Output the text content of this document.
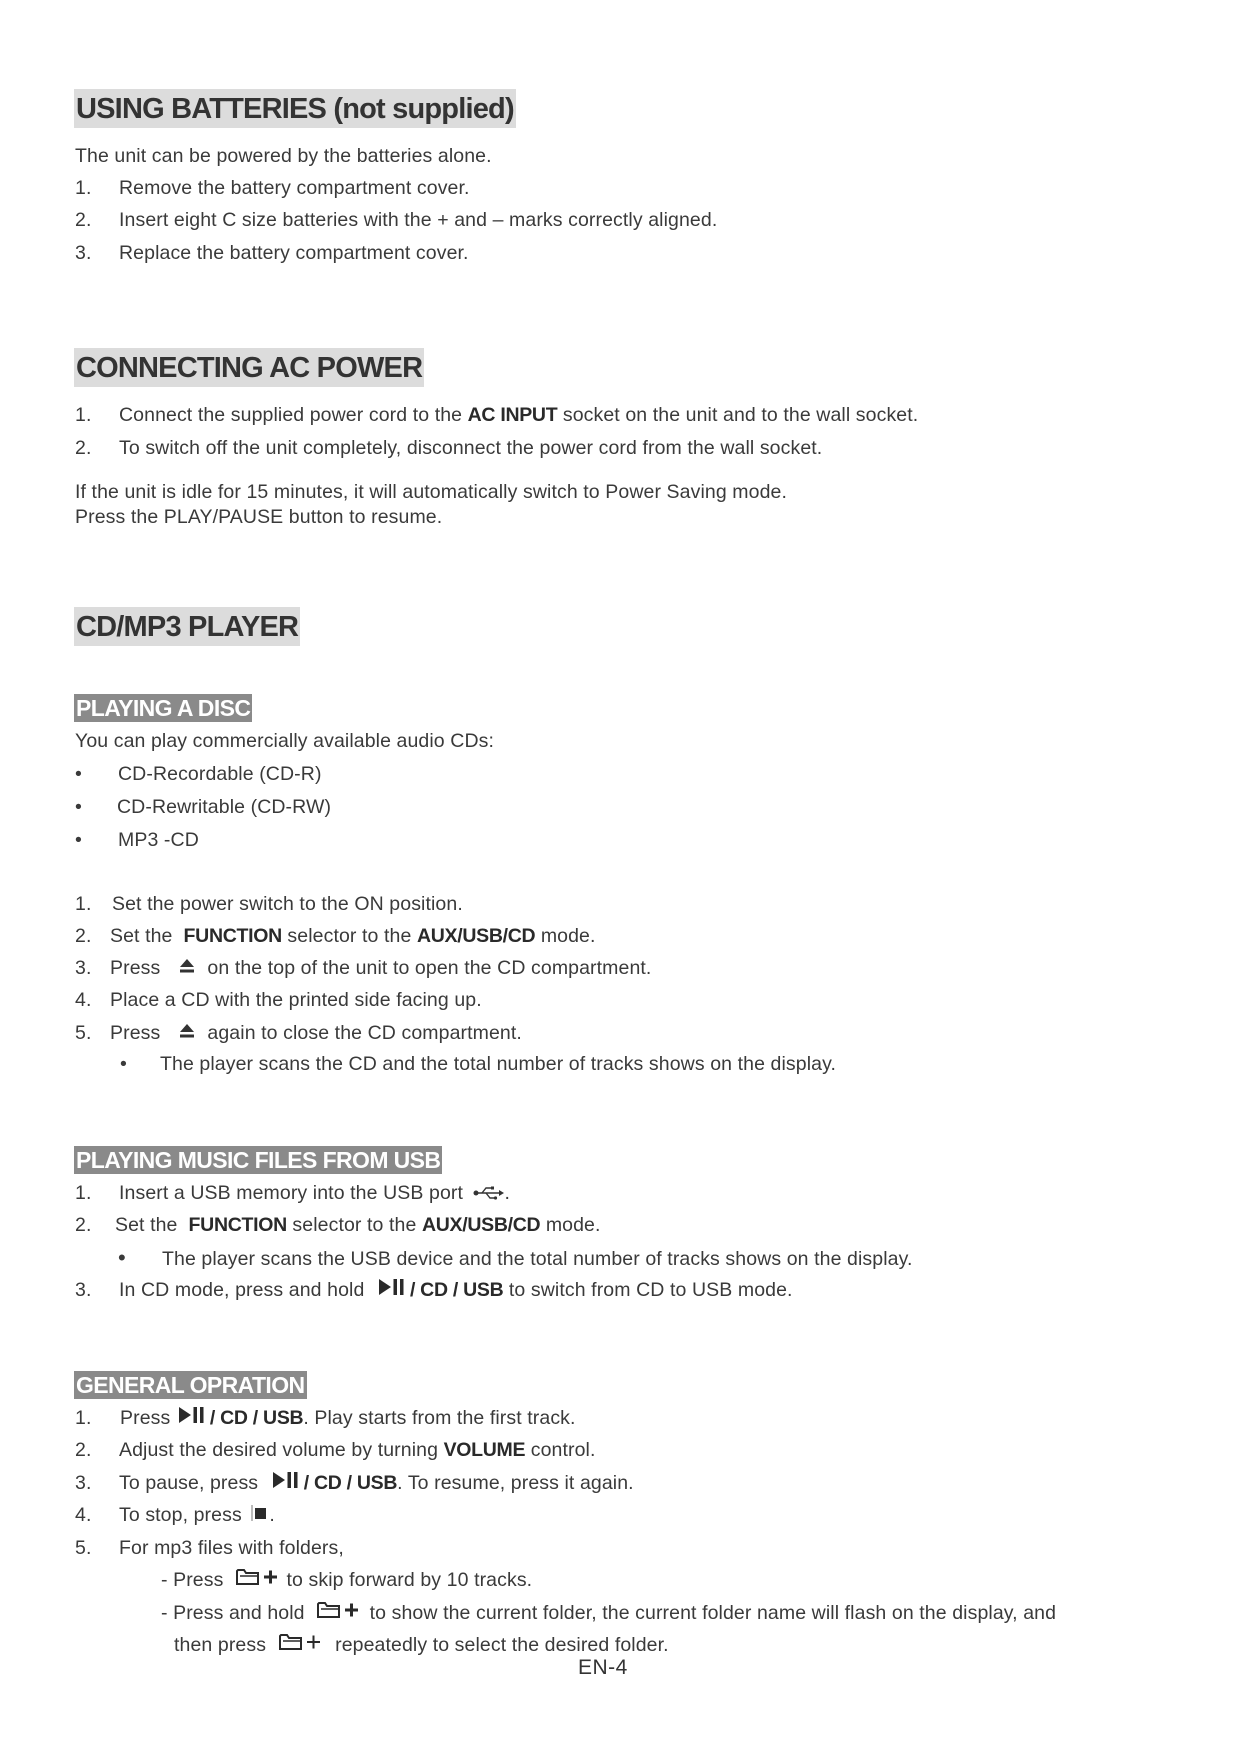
USING BATTERIES (not supplied)
The unit can be powered by the batteries alone.
1. Remove the battery compartment cover.
2. Insert eight C size batteries with the + and – marks correctly aligned.
3. Replace the battery compartment cover.
CONNECTING AC POWER
1. Connect the supplied power cord to the AC INPUT socket on the unit and to the wall socket.
2. To switch off the unit completely, disconnect the power cord from the wall socket.
If the unit is idle for 15 minutes, it will automatically switch to Power Saving mode.
Press the PLAY/PAUSE button to resume.
CD/MP3 PLAYER
PLAYING A DISC
You can play commercially available audio CDs:
• CD-Recordable (CD-R)
• CD-Rewritable (CD-RW)
• MP3 -CD
1. Set the power switch to the ON position.
2. Set the FUNCTION selector to the AUX/USB/CD mode.
3. Press on the top of the unit to open the CD compartment.
4. Place a CD with the printed side facing up.
5. Press again to close the CD compartment.
• The player scans the CD and the total number of tracks shows on the display.
PLAYING MUSIC FILES FROM USB
1. Insert a USB memory into the USB port .
2. Set the FUNCTION selector to the AUX/USB/CD mode.
• The player scans the USB device and the total number of tracks shows on the display.
3. In CD mode, press and hold / CD / USB to switch from CD to USB mode.
GENERAL OPRATION
1. Press / CD / USB. Play starts from the first track.
2. Adjust the desired volume by turning VOLUME control.
3. To pause, press / CD / USB. To resume, press it again.
4. To stop, press .
5. For mp3 files with folders,
- Press	to skip forward by 10 tracks.
- Press and hold	to show the current folder, the current folder name will flash on the display, and
then press	repeatedly to select the desired folder.
EN-4
